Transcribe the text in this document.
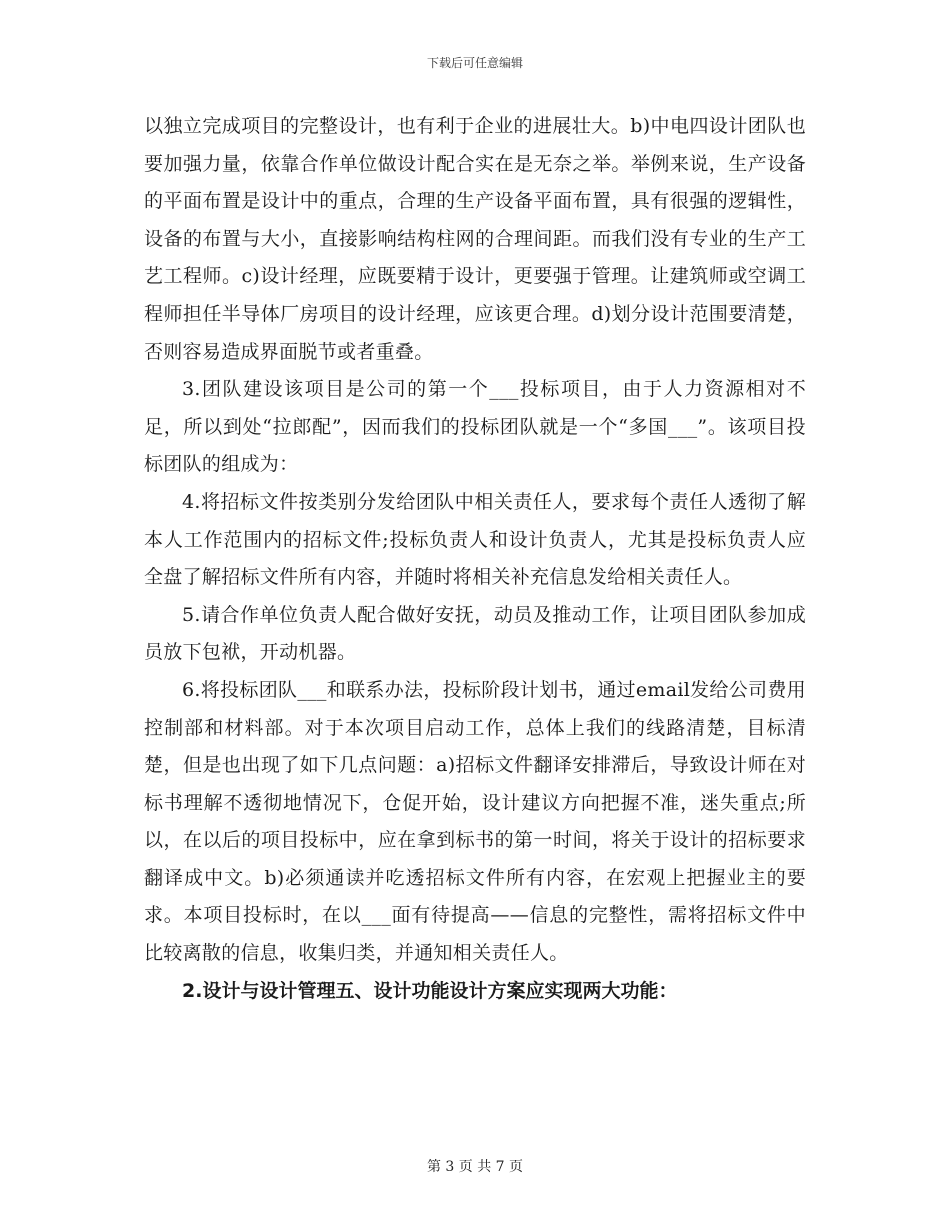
下载后可任意编辑

以独立完成项目的完整设计，也有利于企业的进展壮大。b)中电四设计团队也要加强力量，依靠合作单位做设计配合实在是无奈之举。举例来说，生产设备的平面布置是设计中的重点，合理的生产设备平面布置，具有很强的逻辑性，设备的布置与大小，直接影响结构柱网的合理间距。而我们没有专业的生产工艺工程师。c)设计经理，应既要精于设计，更要强于管理。让建筑师或空调工程师担任半导体厂房项目的设计经理，应该更合理。d)划分设计范围要清楚，否则容易造成界面脱节或者重叠。

3.团队建设该项目是公司的第一个___投标项目，由于人力资源相对不足，所以到处“拉郎配”，因而我们的投标团队就是一个“多国___”。该项目投标团队的组成为：

4.将招标文件按类别分发给团队中相关责任人，要求每个责任人透彻了解本人工作范围内的招标文件;投标负责人和设计负责人，尤其是投标负责人应全盘了解招标文件所有内容，并随时将相关补充信息发给相关责任人。

5.请合作单位负责人配合做好安抚，动员及推动工作，让项目团队参加成员放下包袱，开动机器。

6.将投标团队___和联系办法，投标阶段计划书，通过email发给公司费用控制部和材料部。对于本次项目启动工作，总体上我们的线路清楚，目标清楚，但是也出现了如下几点问题：a)招标文件翻译安排滞后，导致设计师在对标书理解不透彻地情况下，仓促开始，设计建议方向把握不准，迷失重点;所以，在以后的项目投标中，应在拿到标书的第一时间，将关于设计的招标要求翻译成中文。b)必须通读并吃透招标文件所有内容，在宏观上把握业主的要求。本项目投标时，在以___面有待提高——信息的完整性，需将招标文件中比较离散的信息，收集归类，并通知相关责任人。

2.设计与设计管理五、设计功能设计方案应实现两大功能：

第 3 页 共 7 页
